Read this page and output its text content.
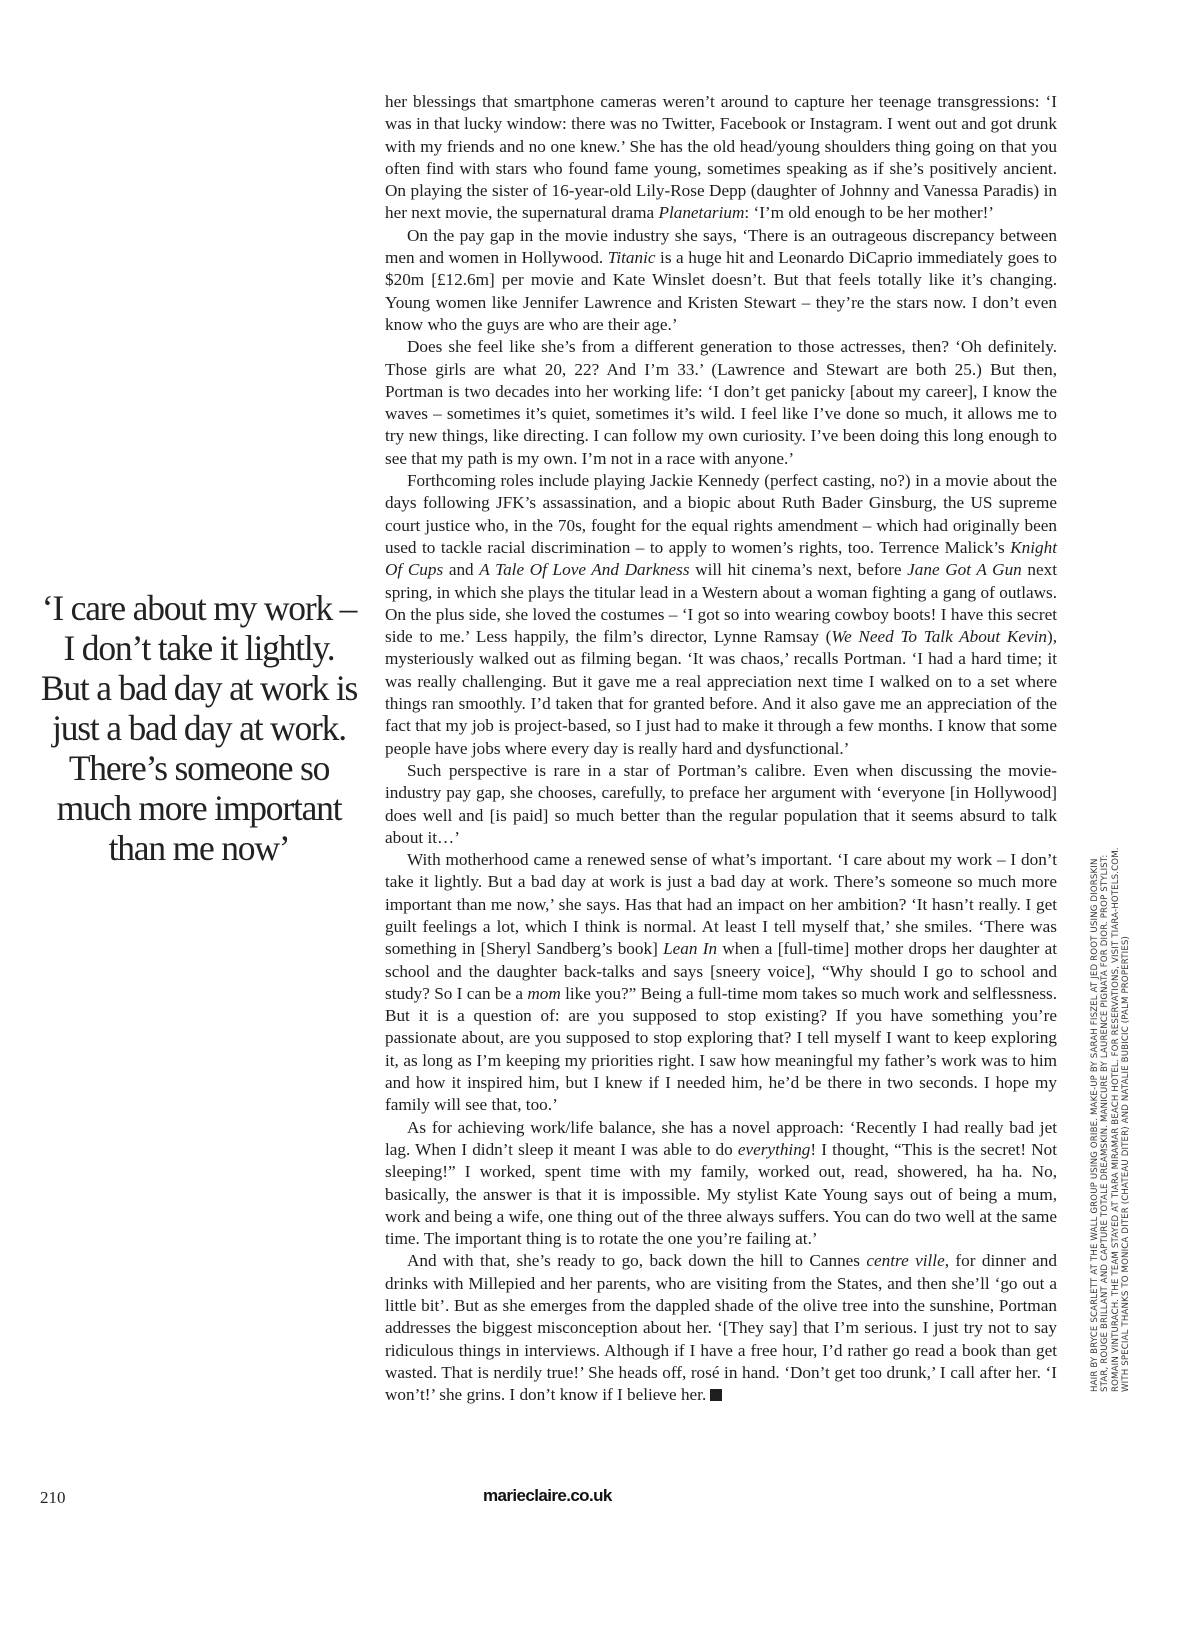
‘I care about my work – I don’t take it lightly. But a bad day at work is just a bad day at work. There’s someone so much more important than me now’

her blessings that smartphone cameras weren’t around to capture her teenage transgressions: ‘I was in that lucky window: there was no Twitter, Facebook or Instagram. I went out and got drunk with my friends and no one knew.’ She has the old head/young shoulders thing going on that you often find with stars who found fame young, sometimes speaking as if she’s positively ancient. On playing the sister of 16-year-old Lily-Rose Depp (daughter of Johnny and Vanessa Paradis) in her next movie, the supernatural drama Planetarium: ‘I’m old enough to be her mother!’

On the pay gap in the movie industry she says, ‘There is an outrageous discrepancy between men and women in Hollywood. Titanic is a huge hit and Leonardo DiCaprio immediately goes to $20m [£12.6m] per movie and Kate Winslet doesn’t. But that feels totally like it’s changing. Young women like Jennifer Lawrence and Kristen Stewart – they’re the stars now. I don’t even know who the guys are who are their age.’

Does she feel like she’s from a different generation to those actresses, then? ‘Oh definitely. Those girls are what 20, 22? And I’m 33.’ (Lawrence and Stewart are both 25.) But then, Portman is two decades into her working life: ‘I don’t get panicky [about my career], I know the waves – sometimes it’s quiet, sometimes it’s wild. I feel like I’ve done so much, it allows me to try new things, like directing. I can follow my own curiosity. I’ve been doing this long enough to see that my path is my own. I’m not in a race with anyone.’

Forthcoming roles include playing Jackie Kennedy (perfect casting, no?) in a movie about the days following JFK’s assassination, and a biopic about Ruth Bader Ginsburg, the US supreme court justice who, in the 70s, fought for the equal rights amendment – which had originally been used to tackle racial discrimination – to apply to women’s rights, too. Terrence Malick’s Knight Of Cups and A Tale Of Love And Darkness will hit cinema’s next, before Jane Got A Gun next spring, in which she plays the titular lead in a Western about a woman fighting a gang of outlaws. On the plus side, she loved the costumes – ‘I got so into wearing cowboy boots! I have this secret side to me.’ Less happily, the film’s director, Lynne Ramsay (We Need To Talk About Kevin), mysteriously walked out as filming began. ‘It was chaos,’ recalls Portman. ‘I had a hard time; it was really challenging. But it gave me a real appreciation next time I walked on to a set where things ran smoothly. I’d taken that for granted before. And it also gave me an appreciation of the fact that my job is project-based, so I just had to make it through a few months. I know that some people have jobs where every day is really hard and dysfunctional.’

Such perspective is rare in a star of Portman’s calibre. Even when discussing the movie-industry pay gap, she chooses, carefully, to preface her argument with ‘everyone [in Hollywood] does well and [is paid] so much better than the regular population that it seems absurd to talk about it…’

With motherhood came a renewed sense of what’s important. ‘I care about my work – I don’t take it lightly. But a bad day at work is just a bad day at work. There’s someone so much more important than me now,’ she says. Has that had an impact on her ambition? ‘It hasn’t really. I get guilt feelings a lot, which I think is normal. At least I tell myself that,’ she smiles. ‘There was something in [Sheryl Sandberg’s book] Lean In when a [full-time] mother drops her daughter at school and the daughter back-talks and says [sneery voice], “Why should I go to school and study? So I can be a mom like you?” Being a full-time mom takes so much work and selflessness. But it is a question of: are you supposed to stop existing? If you have something you’re passionate about, are you supposed to stop exploring that? I tell myself I want to keep exploring it, as long as I’m keeping my priorities right. I saw how meaningful my father’s work was to him and how it inspired him, but I knew if I needed him, he’d be there in two seconds. I hope my family will see that, too.’

As for achieving work/life balance, she has a novel approach: ‘Recently I had really bad jet lag. When I didn’t sleep it meant I was able to do everything! I thought, “This is the secret! Not sleeping!” I worked, spent time with my family, worked out, read, showered, ha ha. No, basically, the answer is that it is impossible. My stylist Kate Young says out of being a mum, work and being a wife, one thing out of the three always suffers. You can do two well at the same time. The important thing is to rotate the one you’re failing at.’

And with that, she’s ready to go, back down the hill to Cannes centre ville, for dinner and drinks with Millepied and her parents, who are visiting from the States, and then she’ll ‘go out a little bit’. But as she emerges from the dappled shade of the olive tree into the sunshine, Portman addresses the biggest misconception about her. ‘[They say] that I’m serious. I just try not to say ridiculous things in interviews. Although if I have a free hour, I’d rather go read a book than get wasted. That is nerdily true!’ She heads off, rosé in hand. ‘Don’t get too drunk,’ I call after her. ‘I won’t!’ she grins. I don’t know if I believe her.

HAIR BY BRYCE SCARLETT AT THE WALL GROUP USING ORIBE. MAKE-UP BY SARAH FISZEL AT JED ROOT USING DIORSKIN STAR, ROUGE BRILLANT AND CAPTURE TOTALE DREAMSKIN. MANICURE BY LAURENCE PIGNATA FOR DIOR. PROP STYLIST: ROMAIN VINTURACH. THE TEAM STAYED AT TIARA MIRAMAR BEACH HOTEL. FOR RESERVATIONS, VISIT TIARA-HOTELS.COM. WITH SPECIAL THANKS TO MONICA DITER (CHATEAU DITER) AND NATALIE BUBICIC (PALM PROPERTIES)
210	marieclaire.co.uk
